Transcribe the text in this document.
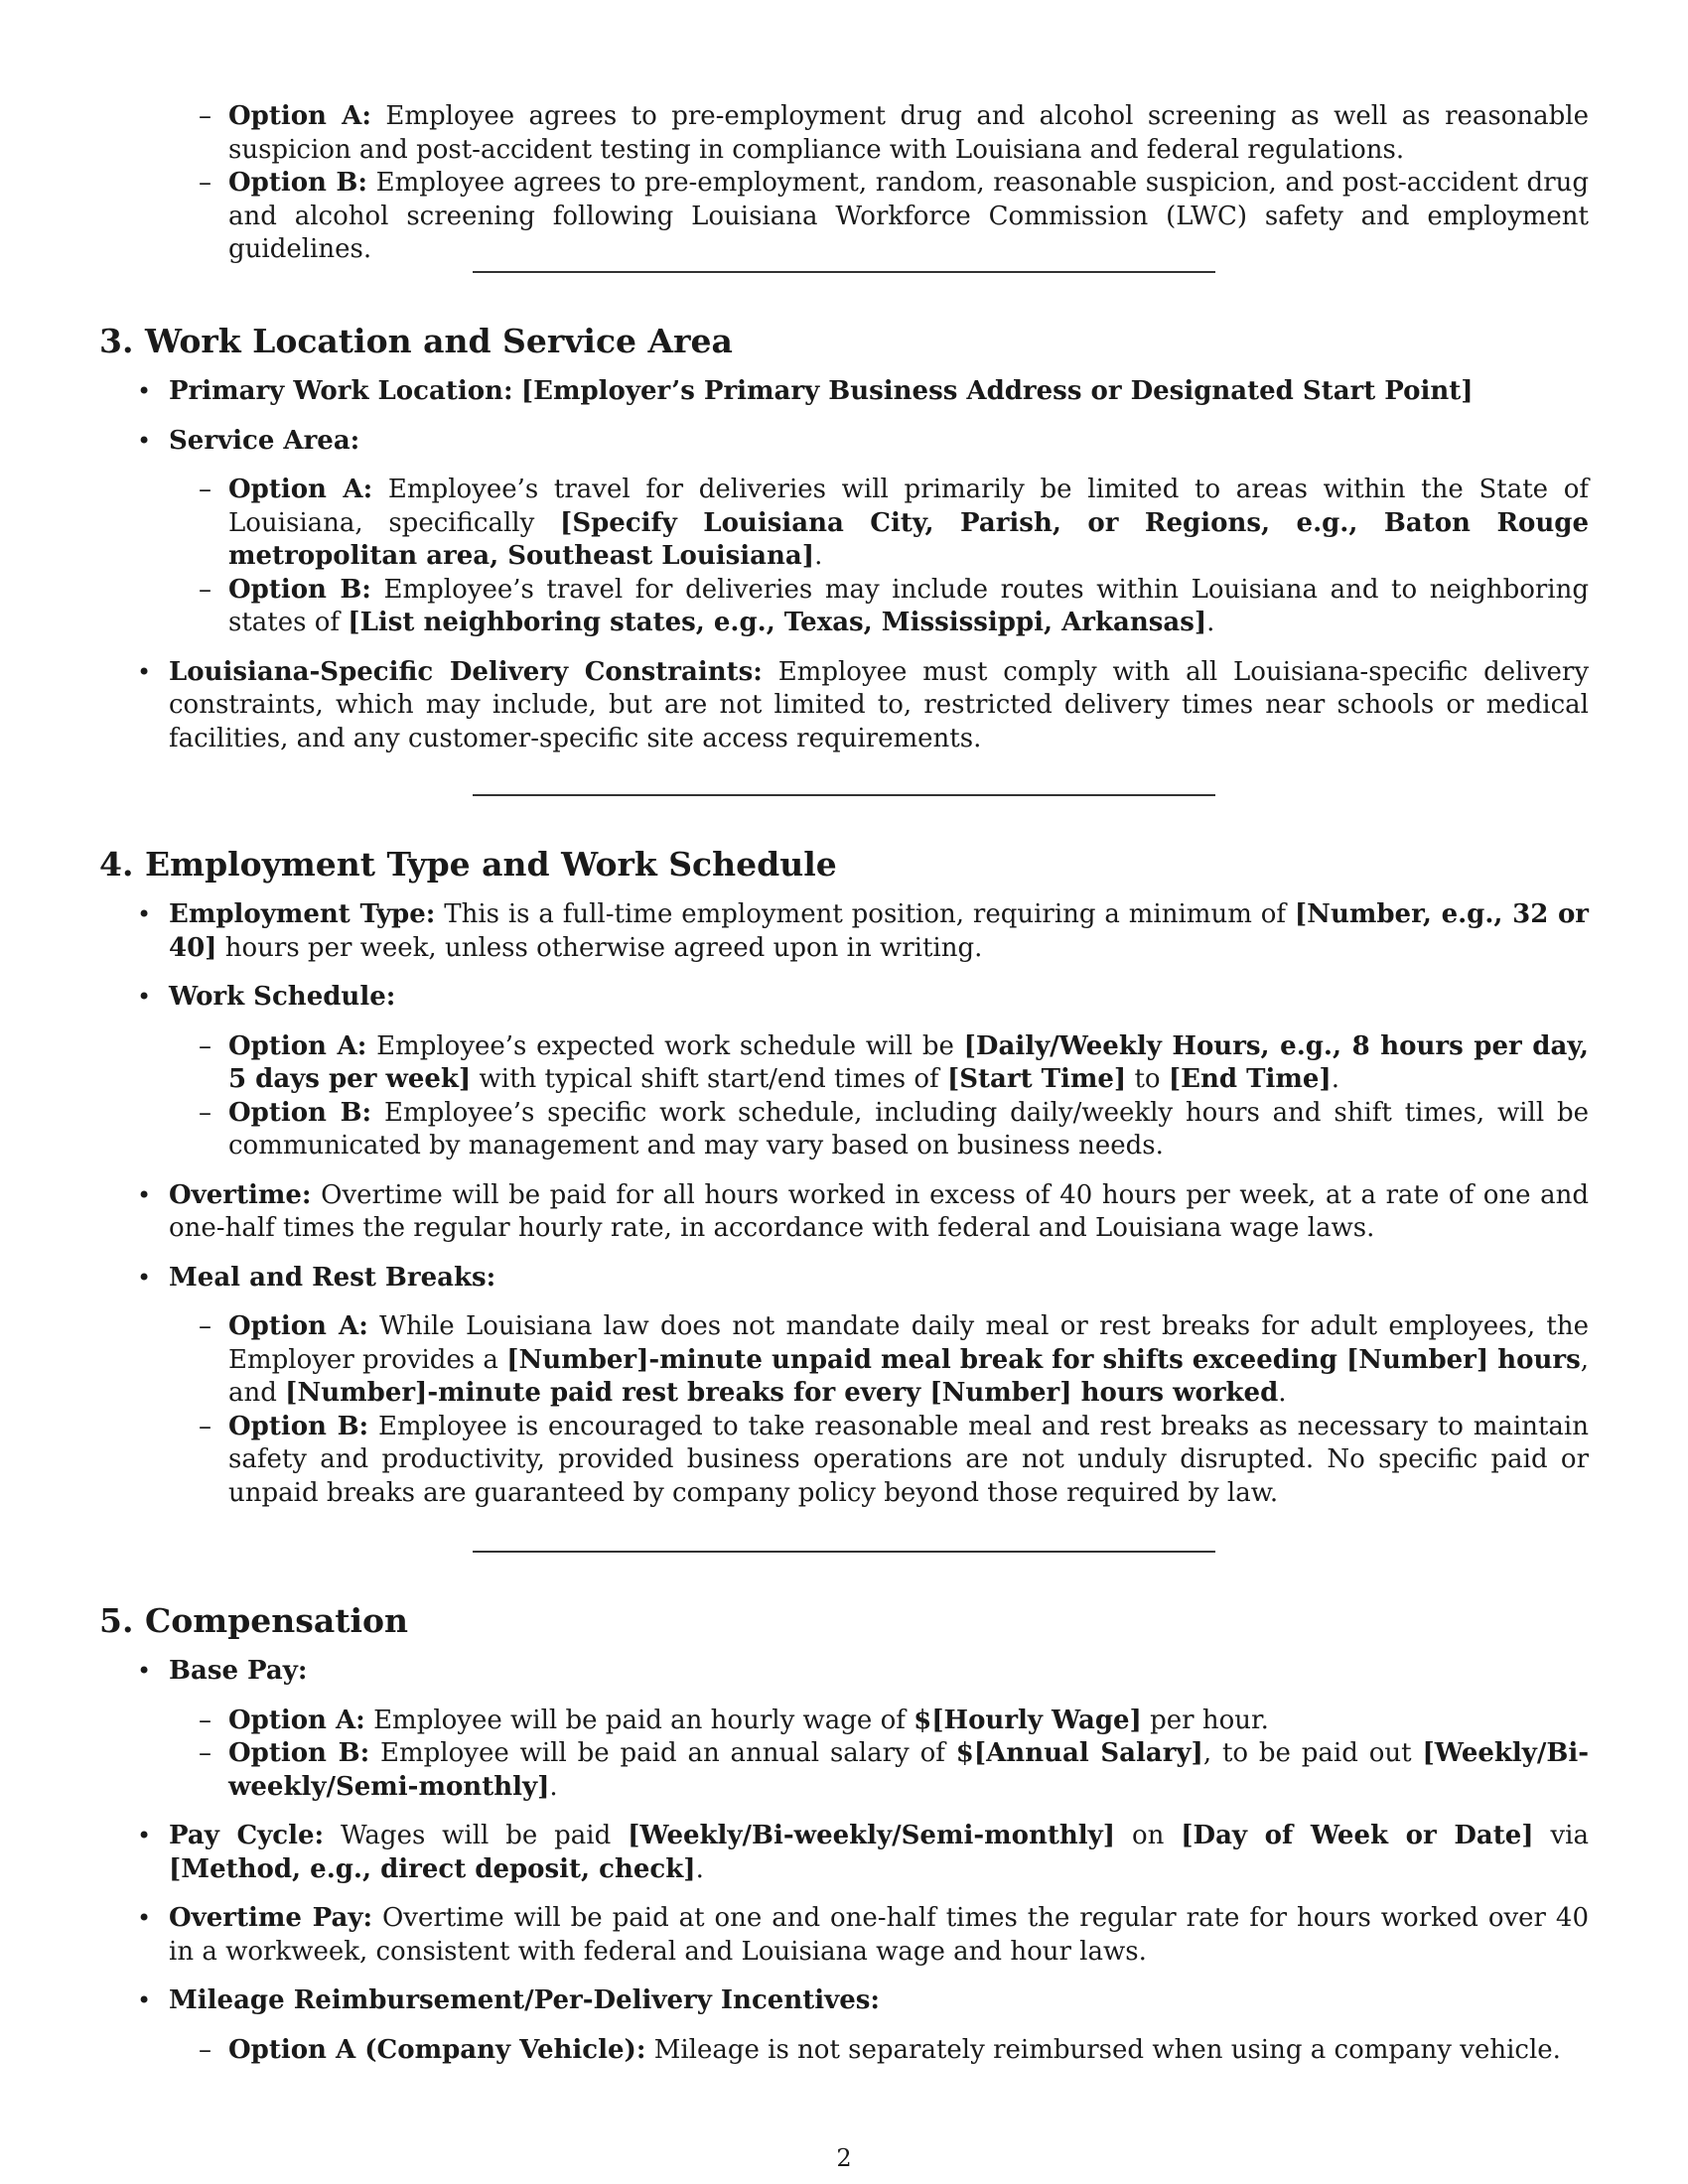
– Option A: Employee agrees to pre-employment drug and alcohol screening as well as reasonable suspicion and post-accident testing in compliance with Louisiana and federal regulations.

– Option B: Employee agrees to pre-employment, random, reasonable suspicion, and post-accident drug and alcohol screening following Louisiana Workforce Commission (LWC) safety and employment guidelines.

3. Work Location and Service Area

• Primary Work Location: [Employer’s Primary Business Address or Designated Start Point]

• Service Area:

– Option A: Employee’s travel for deliveries will primarily be limited to areas within the State of Louisiana, specifically [Specify Louisiana City, Parish, or Regions, e.g., Baton Rouge metropolitan area, Southeast Louisiana].

– Option B: Employee’s travel for deliveries may include routes within Louisiana and to neighboring states of [List neighboring states, e.g., Texas, Mississippi, Arkansas].

• Louisiana-Specific Delivery Constraints: Employee must comply with all Louisiana-specific delivery constraints, which may include, but are not limited to, restricted delivery times near schools or medical facilities, and any customer-specific site access requirements.

4. Employment Type and Work Schedule

• Employment Type: This is a full-time employment position, requiring a minimum of [Number, e.g., 32 or 40] hours per week, unless otherwise agreed upon in writing.

• Work Schedule:

– Option A: Employee’s expected work schedule will be [Daily/Weekly Hours, e.g., 8 hours per day, 5 days per week] with typical shift start/end times of [Start Time] to [End Time].

– Option B: Employee’s specific work schedule, including daily/weekly hours and shift times, will be communicated by management and may vary based on business needs.

• Overtime: Overtime will be paid for all hours worked in excess of 40 hours per week, at a rate of one and one-half times the regular hourly rate, in accordance with federal and Louisiana wage laws.

• Meal and Rest Breaks:

– Option A: While Louisiana law does not mandate daily meal or rest breaks for adult employees, the Employer provides a [Number]-minute unpaid meal break for shifts exceeding [Number] hours, and [Number]-minute paid rest breaks for every [Number] hours worked.

– Option B: Employee is encouraged to take reasonable meal and rest breaks as necessary to maintain safety and productivity, provided business operations are not unduly disrupted. No specific paid or unpaid breaks are guaranteed by company policy beyond those required by law.

5. Compensation

• Base Pay:

– Option A: Employee will be paid an hourly wage of $[Hourly Wage] per hour.

– Option B: Employee will be paid an annual salary of $[Annual Salary], to be paid out [Weekly/Bi-weekly/Semi-monthly].

• Pay Cycle: Wages will be paid [Weekly/Bi-weekly/Semi-monthly] on [Day of Week or Date] via [Method, e.g., direct deposit, check].

• Overtime Pay: Overtime will be paid at one and one-half times the regular rate for hours worked over 40 in a workweek, consistent with federal and Louisiana wage and hour laws.

• Mileage Reimbursement/Per-Delivery Incentives:

– Option A (Company Vehicle): Mileage is not separately reimbursed when using a company vehicle.

2
